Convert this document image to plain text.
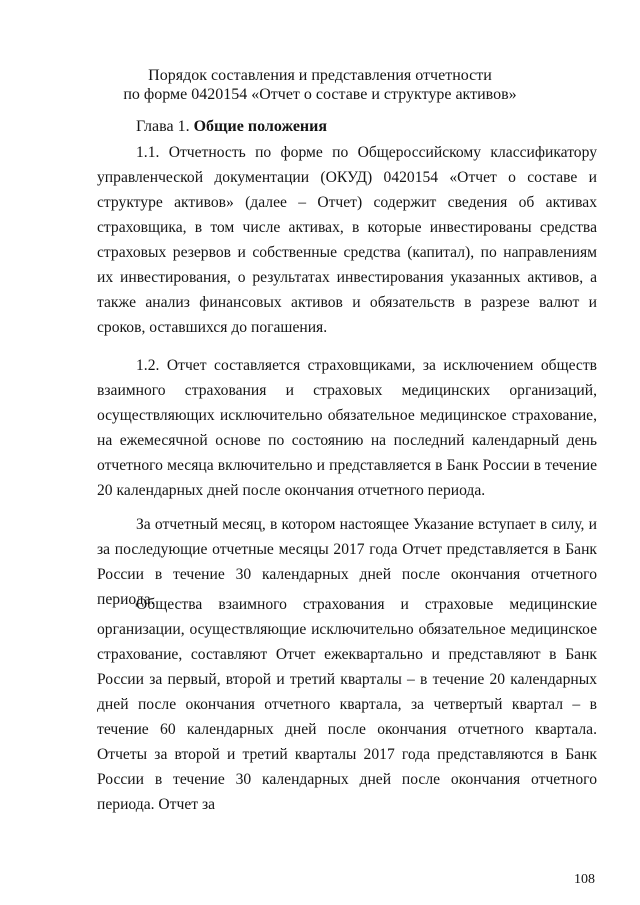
Порядок составления и представления отчетности
по форме 0420154 «Отчет о составе и структуре активов»
Глава 1. Общие положения

1.1. Отчетность по форме по Общероссийскому классификатору управленческой документации (ОКУД) 0420154 «Отчет о составе и структуре активов» (далее – Отчет) содержит сведения об активах страховщика, в том числе активах, в которые инвестированы средства страховых резервов и собственные средства (капитал), по направлениям их инвестирования, о результатах инвестирования указанных активов, а также анализ финансовых активов и обязательств в разрезе валют и сроков, оставшихся до погашения.

1.2. Отчет составляется страховщиками, за исключением обществ взаимного страхования и страховых медицинских организаций, осуществляющих исключительно обязательное медицинское страхование, на ежемесячной основе по состоянию на последний календарный день отчетного месяца включительно и представляется в Банк России в течение 20 календарных дней после окончания отчетного периода.

За отчетный месяц, в котором настоящее Указание вступает в силу, и за последующие отчетные месяцы 2017 года Отчет представляется в Банк России в течение 30 календарных дней после окончания отчетного периода.

Общества взаимного страхования и страховые медицинские организации, осуществляющие исключительно обязательное медицинское страхование, составляют Отчет ежеквартально и представляют в Банк России за первый, второй и третий кварталы – в течение 20 календарных дней после окончания отчетного квартала, за четвертый квартал – в течение 60 календарных дней после окончания отчетного квартала. Отчеты за второй и третий кварталы 2017 года представляются в Банк России в течение 30 календарных дней после окончания отчетного периода. Отчет за

108
